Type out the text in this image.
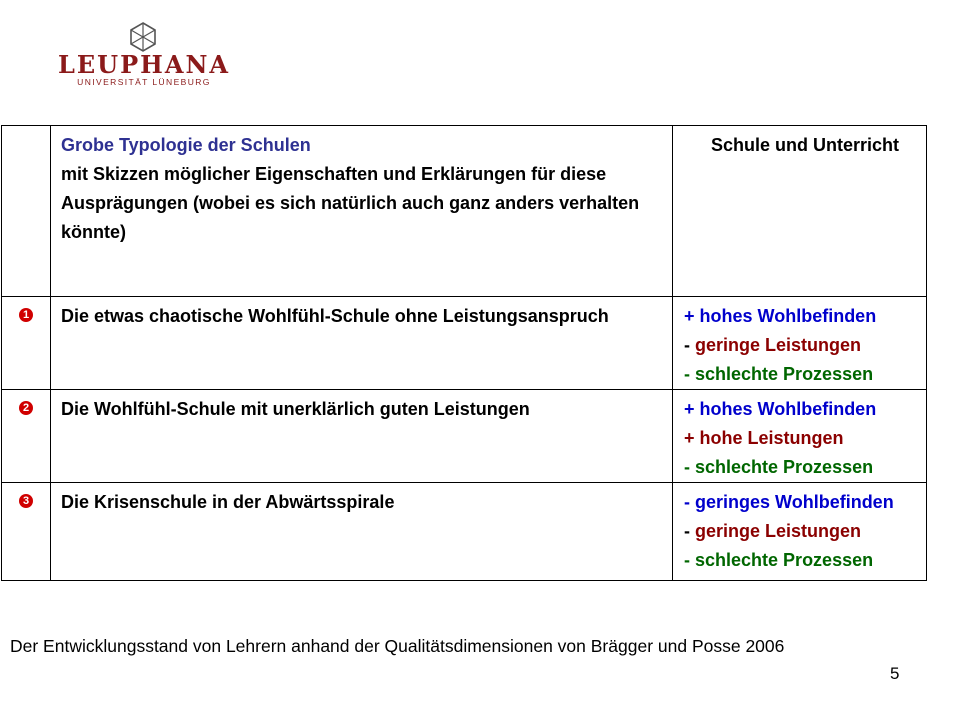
LEUPHANA
UNIVERSITÄT LÜNEBURG
	Grobe Typologie der Schulen
mit Skizzen möglicher Eigenschaften und Erklärungen für diese Ausprägungen (wobei es sich natürlich auch ganz anders verhalten könnte)	Schule und Unterricht
1	Die etwas chaotische Wohlfühl-Schule ohne Leistungsanspruch	+ hohes Wohlbefinden
- geringe Leistungen
- schlechte Prozessen

2	Die Wohlfühl-Schule mit unerklärlich guten Leistungen	+ hohes Wohlbefinden
+ hohe Leistungen
- schlechte Prozessen

3	Die Krisenschule in der Abwärtsspirale	- geringes Wohlbefinden
- geringe Leistungen
- schlechte Prozessen
Der Entwicklungsstand von Lehrern anhand der Qualitätsdimensionen von Brägger und Posse 2006
5
